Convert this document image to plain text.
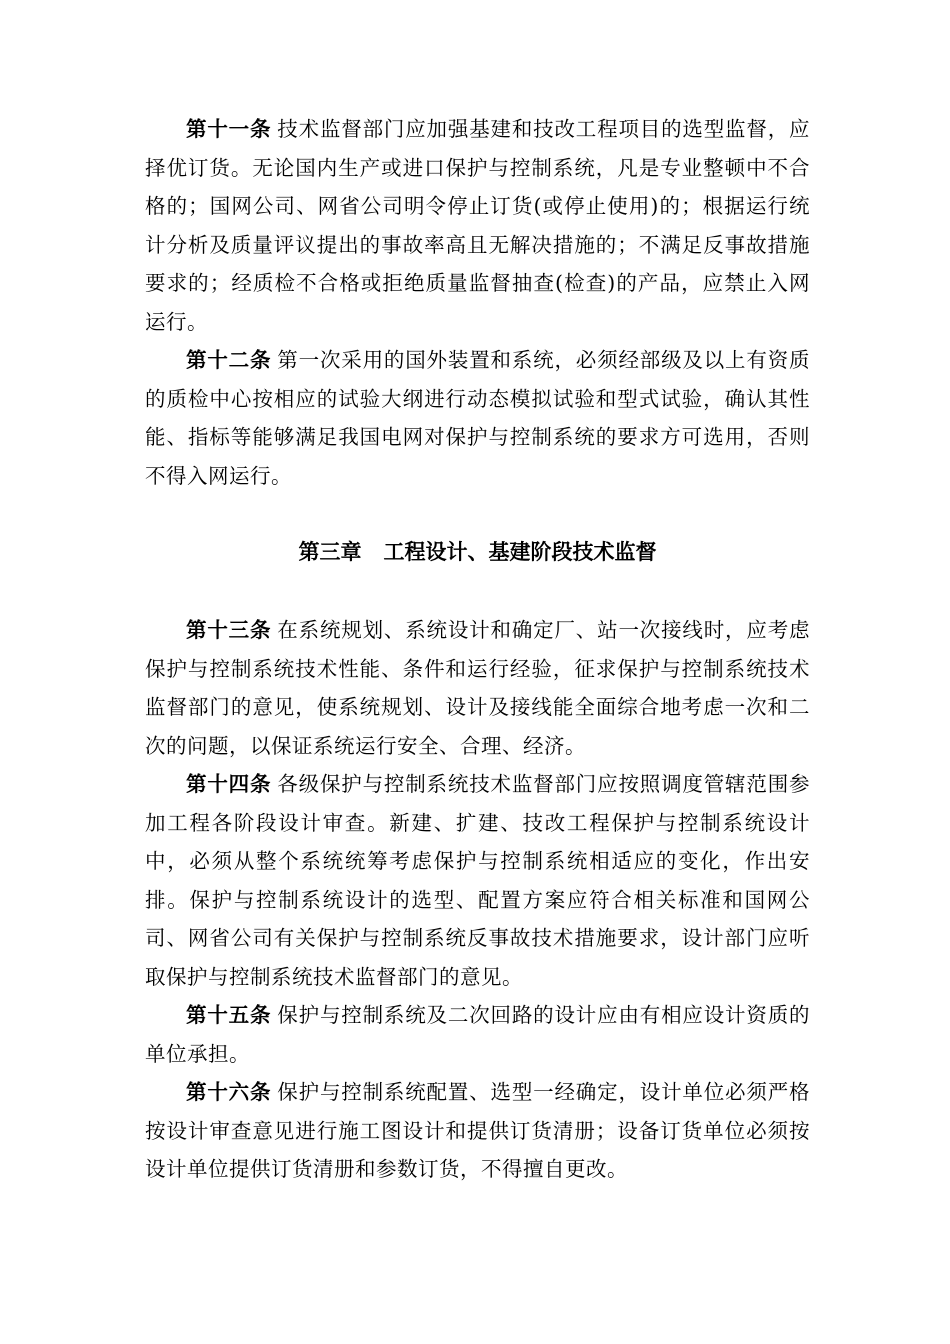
第十一条 技术监督部门应加强基建和技改工程项目的选型监督，应择优订货。无论国内生产或进口保护与控制系统，凡是专业整顿中不合格的；国网公司、网省公司明令停止订货(或停止使用)的；根据运行统计分析及质量评议提出的事故率高且无解决措施的；不满足反事故措施要求的；经质检不合格或拒绝质量监督抽查(检查)的产品，应禁止入网运行。

第十二条 第一次采用的国外装置和系统，必须经部级及以上有资质的质检中心按相应的试验大纲进行动态模拟试验和型式试验，确认其性能、指标等能够满足我国电网对保护与控制系统的要求方可选用，否则不得入网运行。

第三章 工程设计、基建阶段技术监督

第十三条 在系统规划、系统设计和确定厂、站一次接线时，应考虑保护与控制系统技术性能、条件和运行经验，征求保护与控制系统技术监督部门的意见，使系统规划、设计及接线能全面综合地考虑一次和二次的问题，以保证系统运行安全、合理、经济。

第十四条 各级保护与控制系统技术监督部门应按照调度管辖范围参加工程各阶段设计审查。新建、扩建、技改工程保护与控制系统设计中，必须从整个系统统筹考虑保护与控制系统相适应的变化，作出安排。保护与控制系统设计的选型、配置方案应符合相关标准和国网公司、网省公司有关保护与控制系统反事故技术措施要求，设计部门应听取保护与控制系统技术监督部门的意见。

第十五条 保护与控制系统及二次回路的设计应由有相应设计资质的单位承担。

第十六条 保护与控制系统配置、选型一经确定，设计单位必须严格按设计审查意见进行施工图设计和提供订货清册；设备订货单位必须按设计单位提供订货清册和参数订货，不得擅自更改。
